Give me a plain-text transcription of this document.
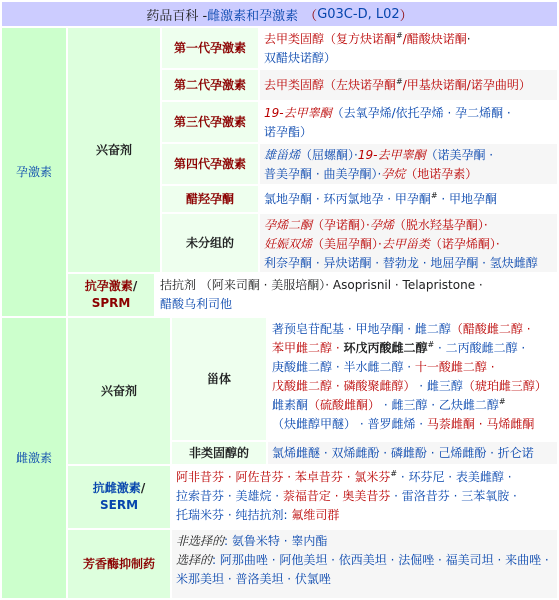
药品百科 - 雌激素和孕激素 （ G03C-D, L02 ）
孕激素
兴奋剂
第一代孕激素
去甲类固醇（复方炔诺酮#/醋酸炔诺酮·
双醋炔诺醇）
第二代孕激素 去甲类固醇（左炔诺孕酮#/甲基炔诺酮/诺孕曲明）
第三代孕激素
19-去甲睾酮（去氧孕烯/依托孕烯 · 孕二烯酮 ·
诺孕酯）
第四代孕激素
雄甾烯（屈螺酮）·19-去甲睾酮（诺美孕酮 ·
普美孕酮 · 曲美孕酮）·孕烷（地诺孕素）
醋羟孕酮	氯地孕酮 · 环丙氯地孕 · 甲孕酮# · 甲地孕酮
未分组的
孕烯二酮（孕诺酮）·孕烯（脱水羟基孕酮）·
妊娠双烯（美屈孕酮）·去甲甾类（诺孕烯酮）·
利奈孕酮 · 异炔诺酮 · 替勃龙 · 地屈孕酮 · 氢炔雌醇
抗孕激素/
SPRM
拮抗剂 （阿来司酮 · 美服培酮）· Asoprisnil · Telapristone ·
醋酸乌利司他
雌激素
兴奋剂
甾体
著预皂苷配基 · 甲地孕酮 · 雌二醇（醋酸雌二醇 ·
苯甲雌二醇 · 环戊丙酸雌二醇# · 二丙酸雌二醇 ·
庚酸雌二醇 · 半水雌二醇 · 十一酸雌二醇 ·
戊酸雌二醇 · 磷酸聚雌醇） · 雌三醇（琥珀雌三醇）
雌素酮（硫酸雌酮） · 雌三醇 · 乙炔雌二醇#
（炔雌醇甲醚） · 普罗雌烯 · 马萘雌酮 · 马烯雌酮
非类固醇的 氯烯雌醚 · 双烯雌酚 · 磷雌酚 · 己烯雌酚 · 折仑诺
抗雌激素/
SERM
阿非昔芬 · 阿佐昔芬 · 苯卓昔芬 · 氯米芬# · 环芬尼 · 表美雌醇 ·
拉索昔芬 · 美雄烷 · 萘福昔定 · 奥美昔芬 · 雷洛昔芬 · 三苯氧胺 ·
托瑞米芬 · 纯拮抗剂: 氟维司群
芳香酶抑制药
非选择的: 氨鲁米特 · 睾内酯
选择的: 阿那曲唑 · 阿他美坦 · 依西美坦 · 法倔唑 · 福美司坦 · 来曲唑 ·
米那美坦 · 普洛美坦 · 伏氯唑
